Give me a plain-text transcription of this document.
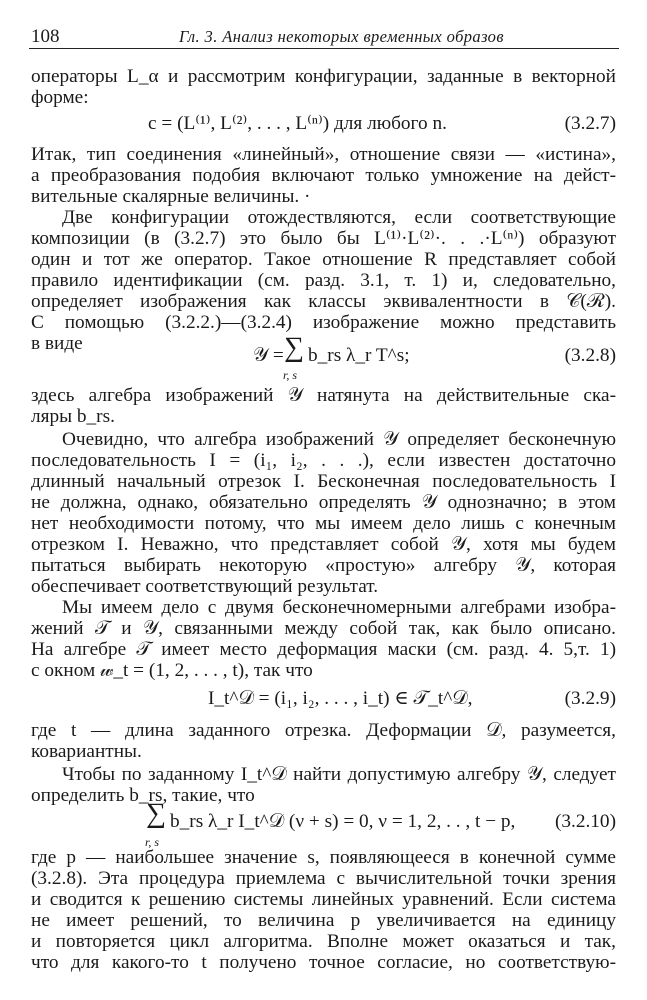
108	Гл. 3. Анализ некоторых временных образов
операторы L_α и рассмотрим конфигурации, заданные в векторной
форме:
c = (L⁽¹⁾, L⁽²⁾, . . . , L⁽ⁿ⁾) для любого n.	(3.2.7)
Итак, тип соединения «линейный», отношение связи — «истина»,
а преобразования подобия включают только умножение на дейст-
вительные скалярные величины. ·
Две конфигурации отождествляются, если соответствующие
композиции (в (3.2.7) это было бы L⁽¹⁾·L⁽²⁾·. . .·L⁽ⁿ⁾) образуют
один и тот же оператор. Такое отношение R представляет собой
правило идентификации (см. разд. 3.1, т. 1) и, следовательно,
определяет изображения как классы эквивалентности в 𝒞(ℛ).
С помощью (3.2.2.)—(3.2.4) изображение можно представить
в виде
𝒴 = ∑
r, s
b_rs λ_r T^s;	(3.2.8)
здесь алгебра изображений 𝒴 натянута на действительные ска-
ляры b_rs.
Очевидно, что алгебра изображений 𝒴 определяет бесконечную
последовательность I = (i₁, i₂, . . .), если известен достаточно
длинный начальный отрезок I. Бесконечная последовательность I
не должна, однако, обязательно определять 𝒴 однозначно; в этом
нет необходимости потому, что мы имеем дело лишь с конечным
отрезком I. Неважно, что представляет собой 𝒴, хотя мы будем
пытаться выбирать некоторую «простую» алгебру 𝒴, которая
обеспечивает соответствующий результат.
Мы имеем дело с двумя бесконечномерными алгебрами изобра-
жений 𝒯 и 𝒴, связанными между собой так, как было описано.
На алгебре 𝒯 имеет место деформация маски (см. разд. 4. 5,т. 1)
с окном 𝓌_t = (1, 2, . . . , t), так что
I_t^𝒟 = (i₁, i₂, . . . , i_t) ∈ 𝒯_t^𝒟,	(3.2.9)
где t — длина заданного отрезка. Деформации 𝒟, разумеется,
ковариантны.
Чтобы по заданному I_t^𝒟 найти допустимую алгебру 𝒴, следует
определить b_rs, такие, что
∑
r, s
b_rs λ_r I_t^𝒟 (ν + s) = 0, ν = 1, 2, . . , t − p, (3.2.10)
где p — наибольшее значение s, появляющееся в конечной сумме
(3.2.8). Эта процедура приемлема с вычислительной точки зрения
и сводится к решению системы линейных уравнений. Если система
не имеет решений, то величина p увеличивается на единицу
и повторяется цикл алгоритма. Вполне может оказаться и так,
что для какого-то t получено точное согласие, но соответствую-
